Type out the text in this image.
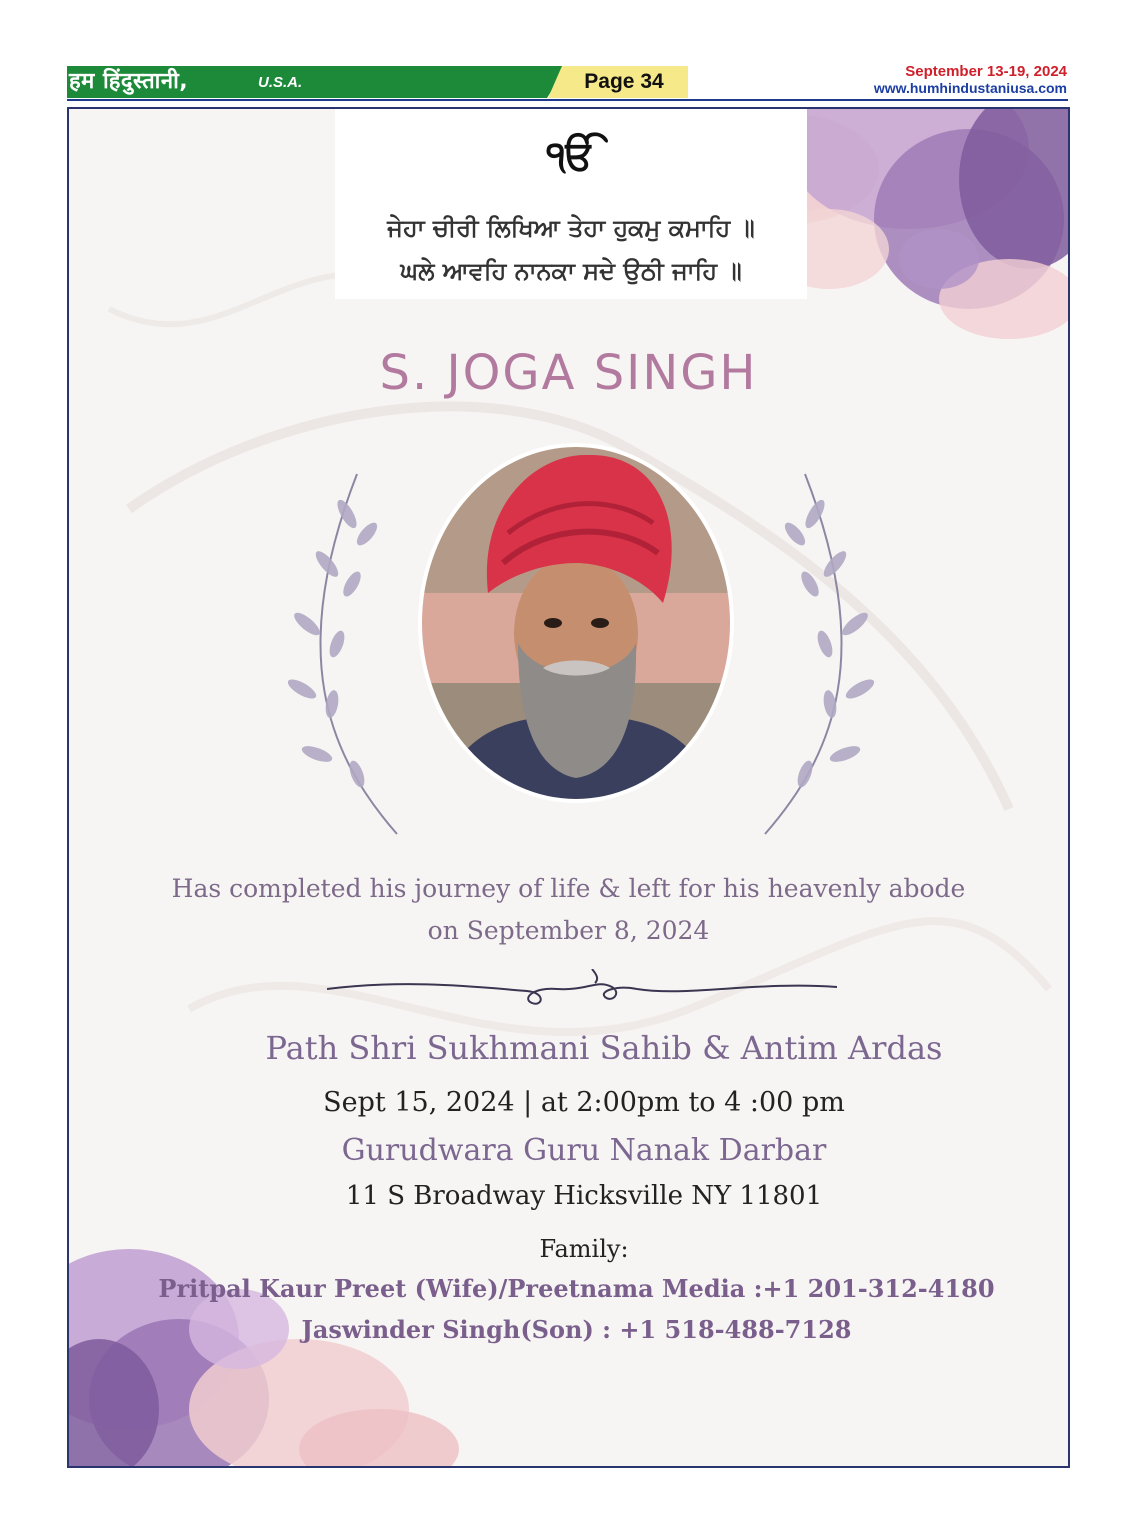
हम हिंदुस्तानी,	U.S.A.	Page 34	September 13-19, 2024
www.humhindustaniusa.com
ੴ
ਜੇਹਾ ਚੀਰੀ ਲਿਖਿਆ ਤੇਹਾ ਹੁਕਮੁ ਕਮਾਹਿ ॥
ਘਲੇ ਆਵਹਿ ਨਾਨਕਾ ਸਦੇ ਉਠੀ ਜਾਹਿ ॥
S. JOGA SINGH
Has completed his journey of life & left for his heavenly abode
on September 8, 2024
Path Shri Sukhmani Sahib & Antim Ardas
Sept 15, 2024 | at 2:00pm to 4 :00 pm
Gurudwara Guru Nanak Darbar
11 S Broadway Hicksville NY 11801
Family:
Pritpal Kaur Preet (Wife)/Preetnama Media :+1 201-312-4180
Jaswinder Singh(Son) : +1 518-488-7128
